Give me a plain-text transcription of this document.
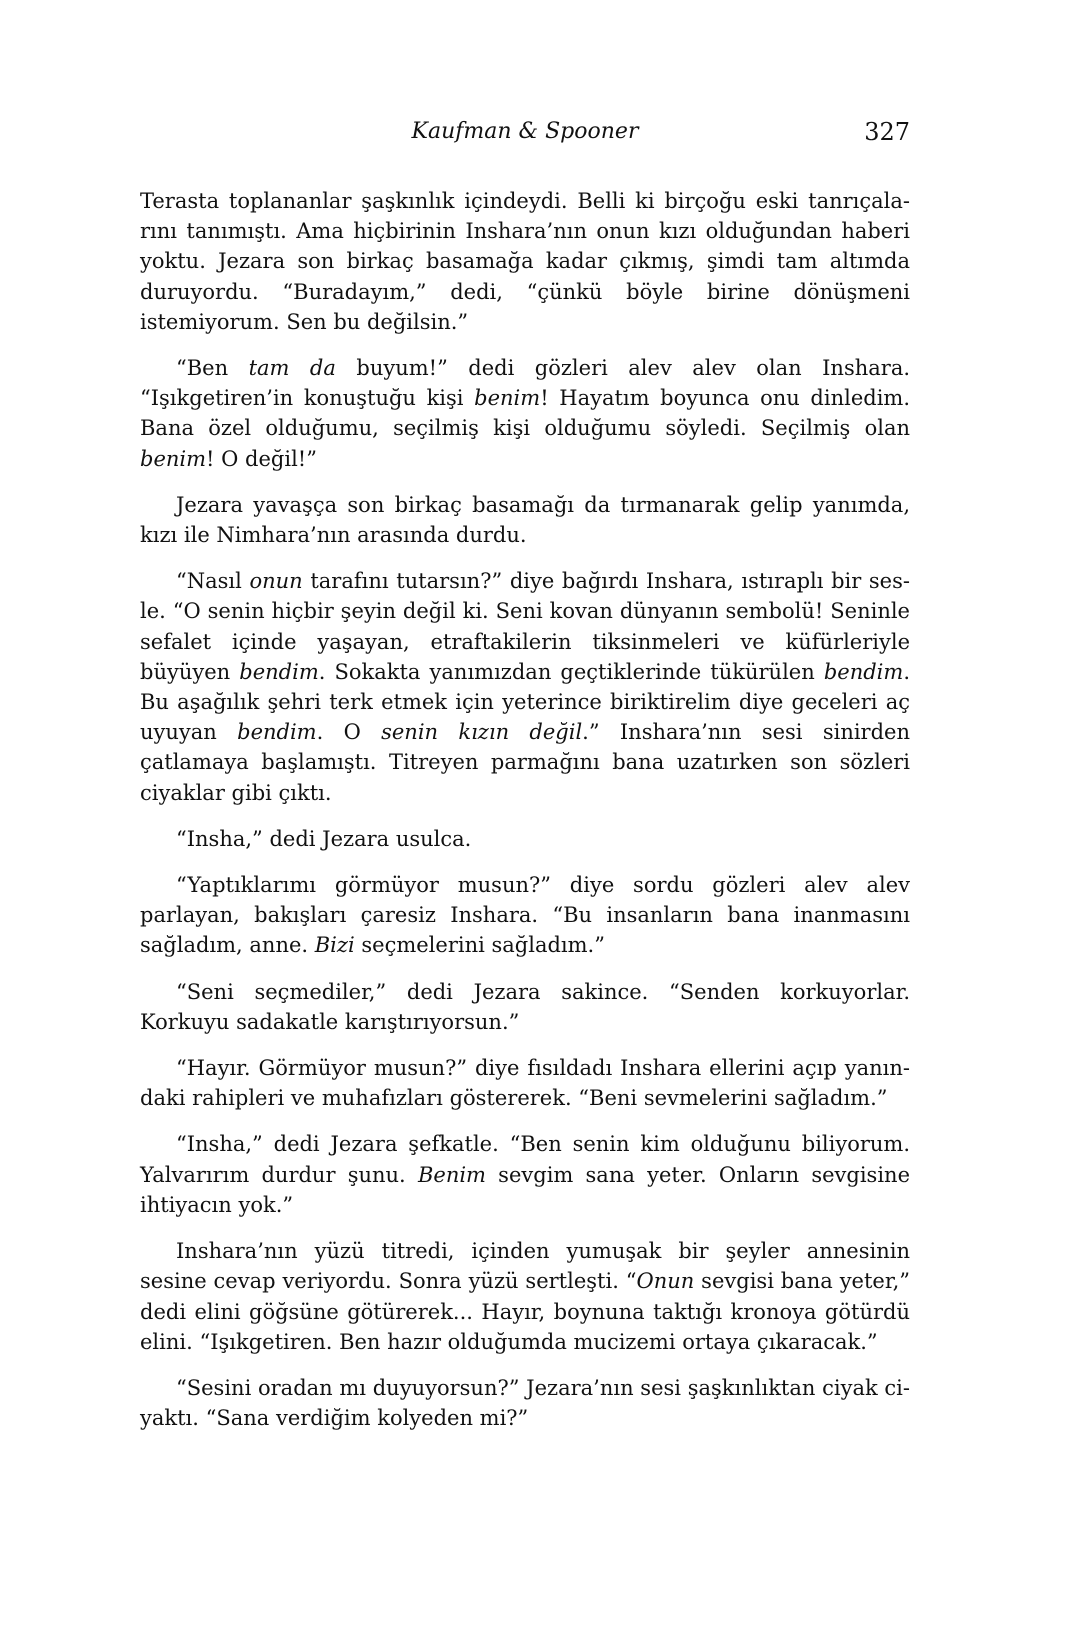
Kaufman & Spooner	327

Terasta toplananlar şaşkınlık içindeydi. Belli ki birçoğu eski tanrıçalarını tanımıştı. Ama hiçbirinin Inshara’nın onun kızı olduğundan haberi yoktu. Jezara son birkaç basamağa kadar çıkmış, şimdi tam altımda duruyordu. “Buradayım,” dedi, “çünkü böyle birine dönüşmeni istemiyorum. Sen bu değilsin.”

“Ben tam da buyum!” dedi gözleri alev alev olan Inshara. “Işıkgetiren’in konuştuğu kişi benim! Hayatım boyunca onu dinledim. Bana özel olduğumu, seçilmiş kişi olduğumu söyledi. Seçilmiş olan benim! O değil!”

Jezara yavaşça son birkaç basamağı da tırmanarak gelip yanımda, kızı ile Nimhara’nın arasında durdu.

“Nasıl onun tarafını tutarsın?” diye bağırdı Inshara, ıstıraplı bir sesle. “O senin hiçbir şeyin değil ki. Seni kovan dünyanın sembolü! Seninle sefalet içinde yaşayan, etraftakilerin tiksinmeleri ve küfürleriyle büyüyen bendim. Sokakta yanımızdan geçtiklerinde tükürülen bendim. Bu aşağılık şehri terk etmek için yeterince biriktirelim diye geceleri aç uyuyan bendim. O senin kızın değil.” Inshara’nın sesi sinirden çatlamaya başlamıştı. Titreyen parmağını bana uzatırken son sözleri ciyaklar gibi çıktı.

“Insha,” dedi Jezara usulca.

“Yaptıklarımı görmüyor musun?” diye sordu gözleri alev alev parlayan, bakışları çaresiz Inshara. “Bu insanların bana inanmasını sağladım, anne. Bizi seçmelerini sağladım.”

“Seni seçmediler,” dedi Jezara sakince. “Senden korkuyorlar. Korkuyu sadakatle karıştırıyorsun.”

“Hayır. Görmüyor musun?” diye fısıldadı Inshara ellerini açıp yanındaki rahipleri ve muhafızları göstererek. “Beni sevmelerini sağladım.”

“Insha,” dedi Jezara şefkatle. “Ben senin kim olduğunu biliyorum. Yalvarırım durdur şunu. Benim sevgim sana yeter. Onların sevgisine ihtiyacın yok.”

Inshara’nın yüzü titredi, içinden yumuşak bir şeyler annesinin sesine cevap veriyordu. Sonra yüzü sertleşti. “Onun sevgisi bana yeter,” dedi elini göğsüne götürerek... Hayır, boynuna taktığı kronoya götürdü elini. “Işıkgetiren. Ben hazır olduğumda mucizemi ortaya çıkaracak.”

“Sesini oradan mı duyuyorsun?” Jezara’nın sesi şaşkınlıktan ciyak ciyaktı. “Sana verdiğim kolyeden mi?”
